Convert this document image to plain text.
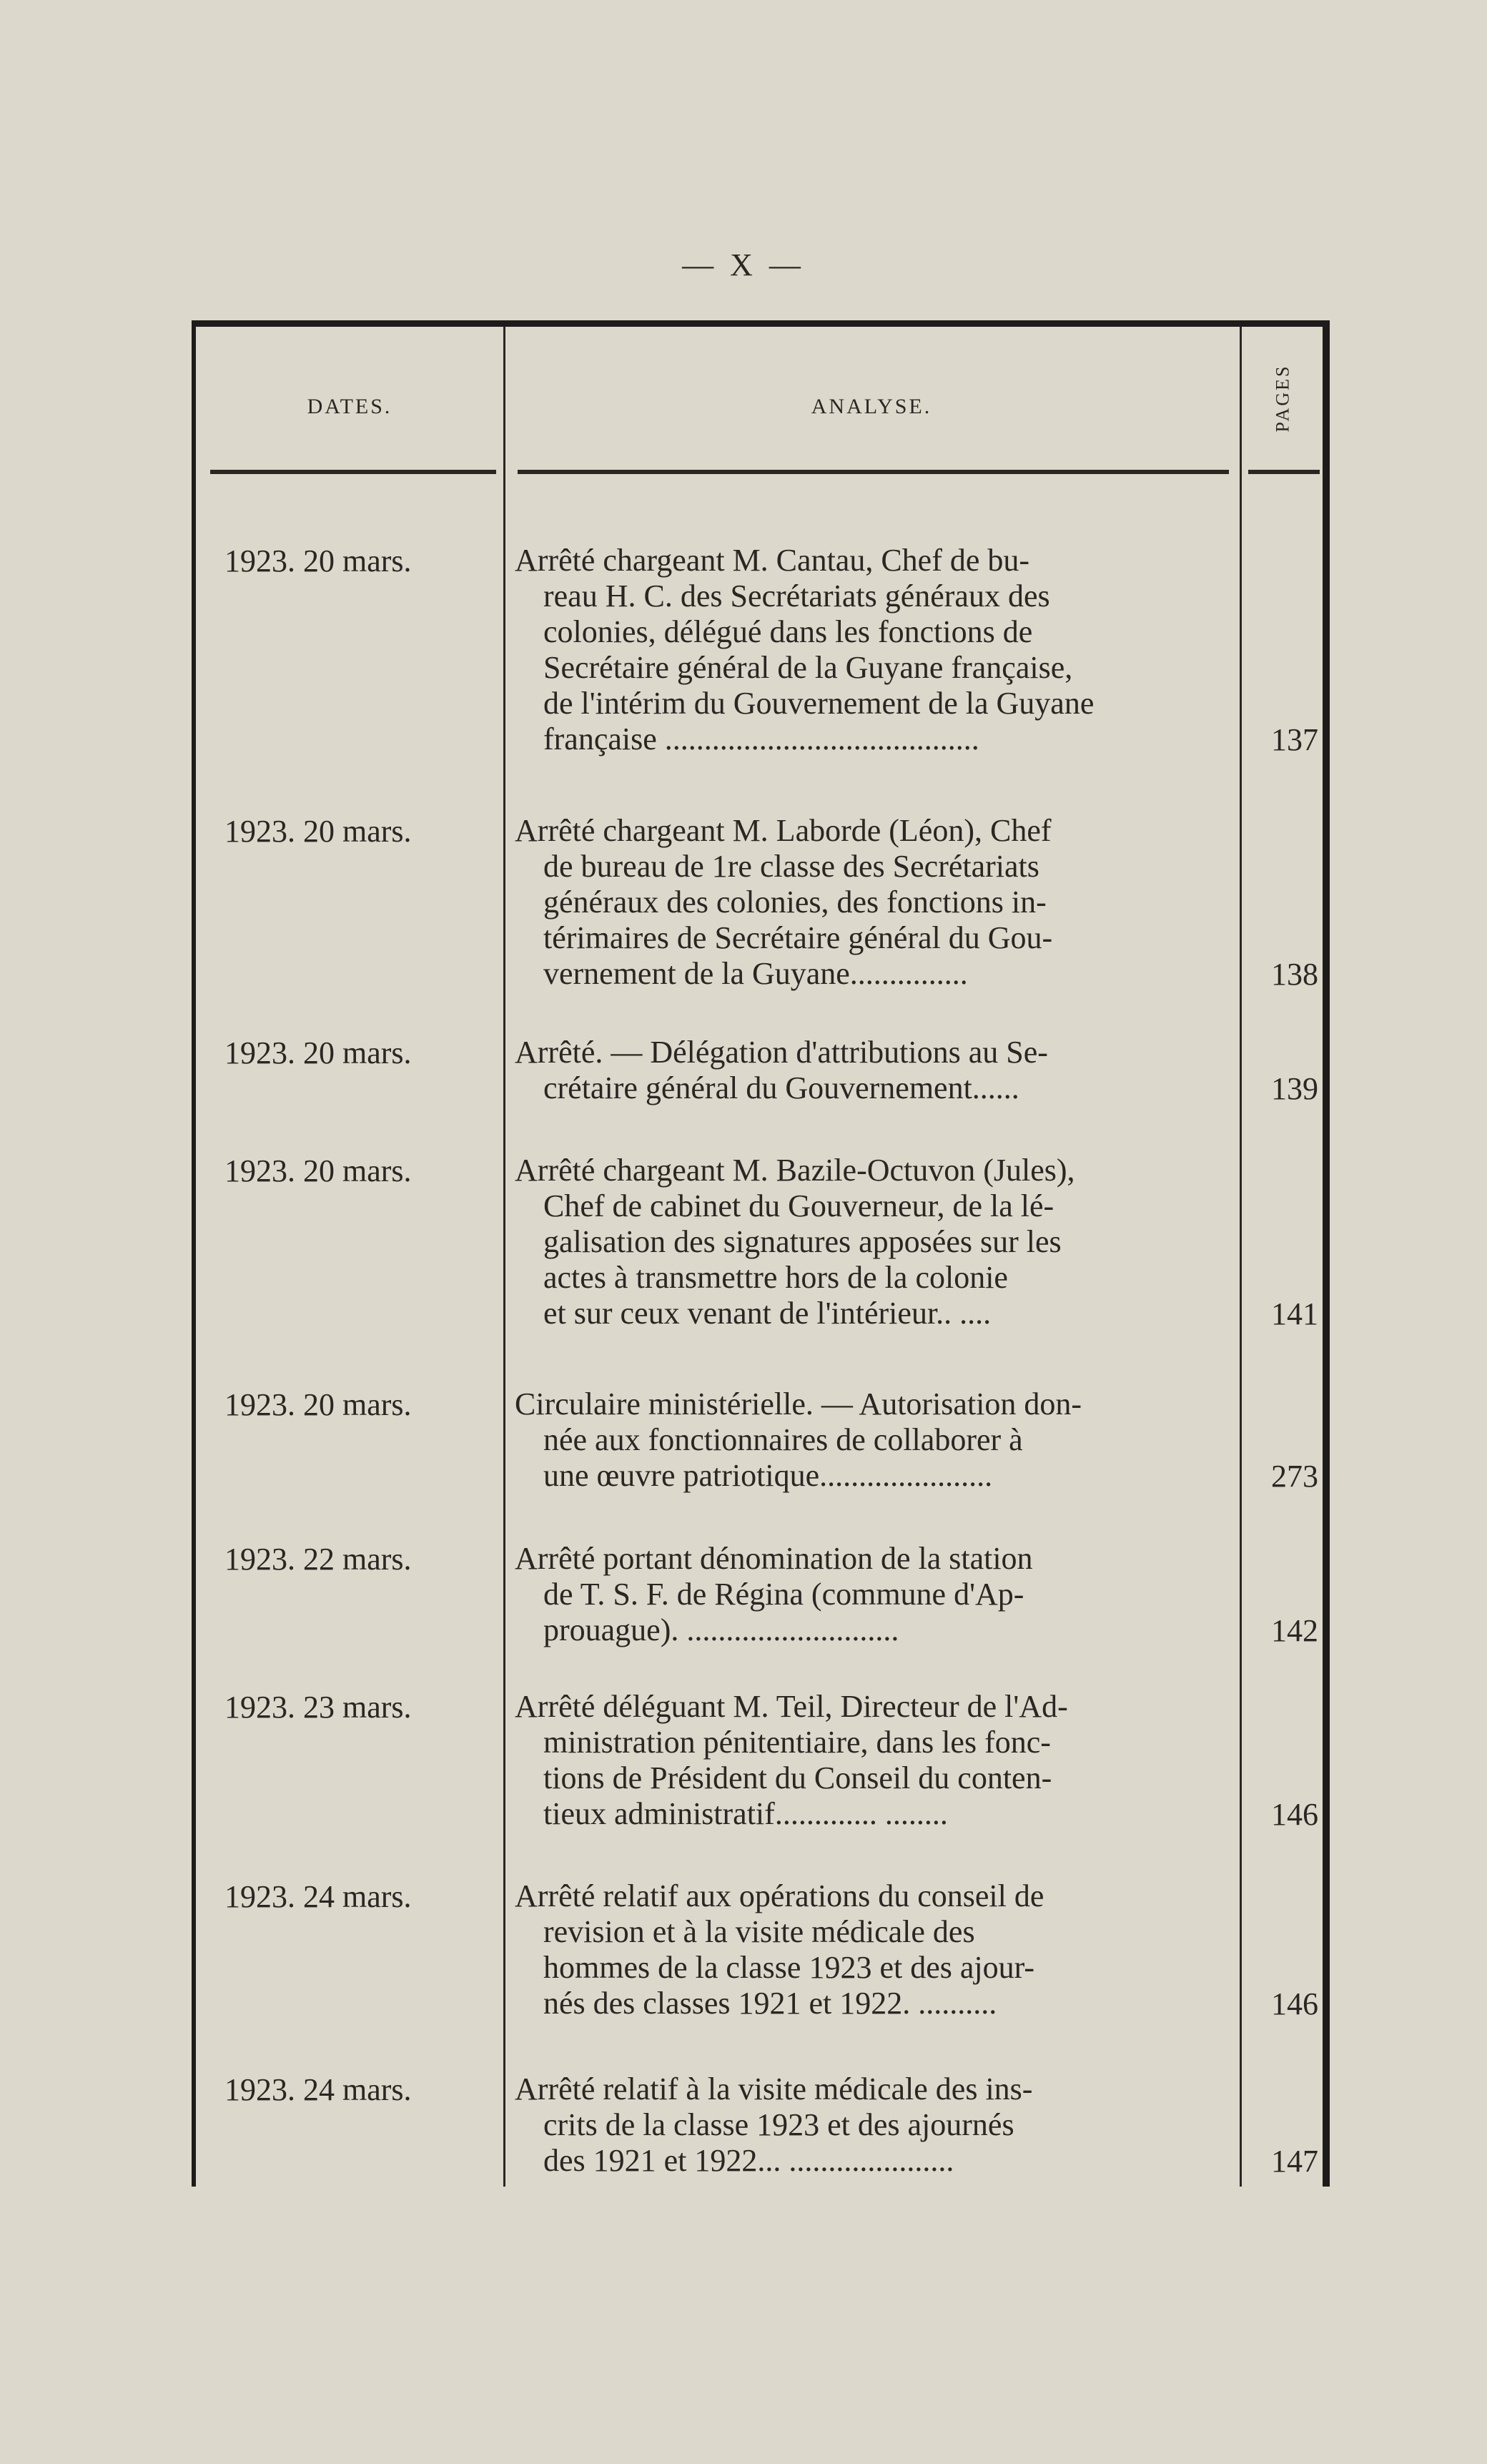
— X —
DATES.	ANALYSE.	PAGES
1923. 20 mars.	Arrêté chargeant M. Cantau, Chef de bu-
reau H. C. des Secrétariats généraux des
colonies, délégué dans les fonctions de
Secrétaire général de la Guyane française,
de l'intérim du Gouvernement de la Guyane
française ........................................	137
1923. 20 mars.	Arrêté chargeant M. Laborde (Léon), Chef
de bureau de 1re classe des Secrétariats
généraux des colonies, des fonctions in-
térimaires de Secrétaire général du Gou-
vernement de la Guyane...............	138
1923. 20 mars.	Arrêté. — Délégation d'attributions au Se-
crétaire général du Gouvernement......	139
1923. 20 mars.	Arrêté chargeant M. Bazile-Octuvon (Jules),
Chef de cabinet du Gouverneur, de la lé-
galisation des signatures apposées sur les
actes à transmettre hors de la colonie
et sur ceux venant de l'intérieur.. ....	141
1923. 20 mars.	Circulaire ministérielle. — Autorisation don-
née aux fonctionnaires de collaborer à
une œuvre patriotique......................	273
1923. 22 mars.	Arrêté portant dénomination de la station
de T. S. F. de Régina (commune d'Ap-
prouague). ...........................	142
1923. 23 mars.	Arrêté déléguant M. Teil, Directeur de l'Ad-
ministration pénitentiaire, dans les fonc-
tions de Président du Conseil du conten-
tieux administratif............. ........	146
1923. 24 mars.	Arrêté relatif aux opérations du conseil de
revision et à la visite médicale des
hommes de la classe 1923 et des ajour-
nés des classes 1921 et 1922. ..........	146
1923. 24 mars.	Arrêté relatif à la visite médicale des ins-
crits de la classe 1923 et des ajournés
des 1921 et 1922... .....................	147
